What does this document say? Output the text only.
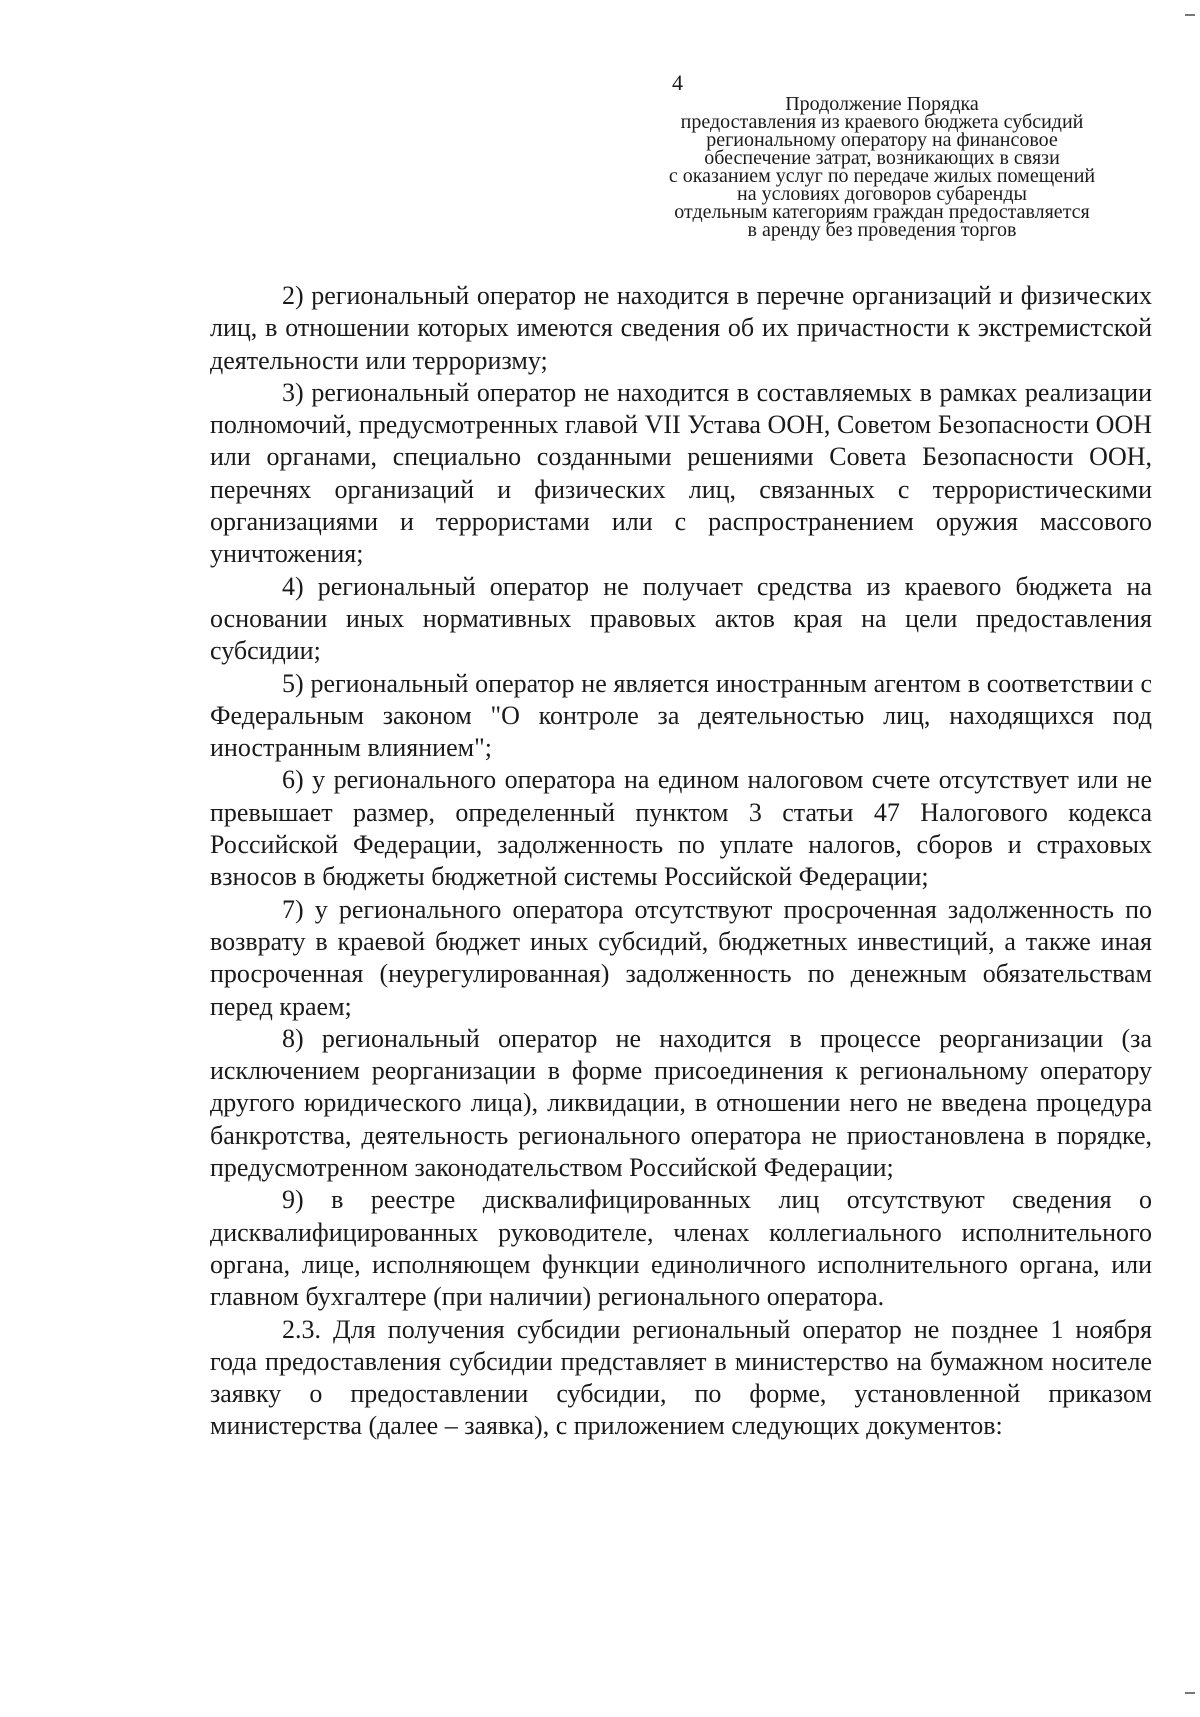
4
Продолжение Порядка
предоставления из краевого бюджета субсидий
региональному оператору на финансовое
обеспечение затрат, возникающих в связи
с оказанием услуг по передаче жилых помещений
на условиях договоров субаренды
отдельным категориям граждан предоставляется
в аренду без проведения торгов

2) региональный оператор не находится в перечне организаций и физических лиц, в отношении которых имеются сведения об их причастности к экстремистской деятельности или терроризму;

3) региональный оператор не находится в составляемых в рамках реализации полномочий, предусмотренных главой VII Устава ООН, Советом Безопасности ООН или органами, специально созданными решениями Совета Безопасности ООН, перечнях организаций и физических лиц, связанных с террористическими организациями и террористами или с распространением оружия массового уничтожения;

4) региональный оператор не получает средства из краевого бюджета на основании иных нормативных правовых актов края на цели предоставления субсидии;

5) региональный оператор не является иностранным агентом в соответствии с Федеральным законом "О контроле за деятельностью лиц, находящихся под иностранным влиянием";

6) у регионального оператора на едином налоговом счете отсутствует или не превышает размер, определенный пунктом 3 статьи 47 Налогового кодекса Российской Федерации, задолженность по уплате налогов, сборов и страховых взносов в бюджеты бюджетной системы Российской Федерации;

7) у регионального оператора отсутствуют просроченная задолженность по возврату в краевой бюджет иных субсидий, бюджетных инвестиций, а также иная просроченная (неурегулированная) задолженность по денежным обязательствам перед краем;

8) региональный оператор не находится в процессе реорганизации (за исключением реорганизации в форме присоединения к региональному оператору другого юридического лица), ликвидации, в отношении него не введена процедура банкротства, деятельность регионального оператора не приостановлена в порядке, предусмотренном законодательством Российской Федерации;

9) в реестре дисквалифицированных лиц отсутствуют сведения о дисквалифицированных руководителе, членах коллегиального исполнительного органа, лице, исполняющем функции единоличного исполнительного органа, или главном бухгалтере (при наличии) регионального оператора.

2.3. Для получения субсидии региональный оператор не позднее 1 ноября года предоставления субсидии представляет в министерство на бумажном носителе заявку о предоставлении субсидии, по форме, установленной приказом министерства (далее – заявка), с приложением следующих документов:
